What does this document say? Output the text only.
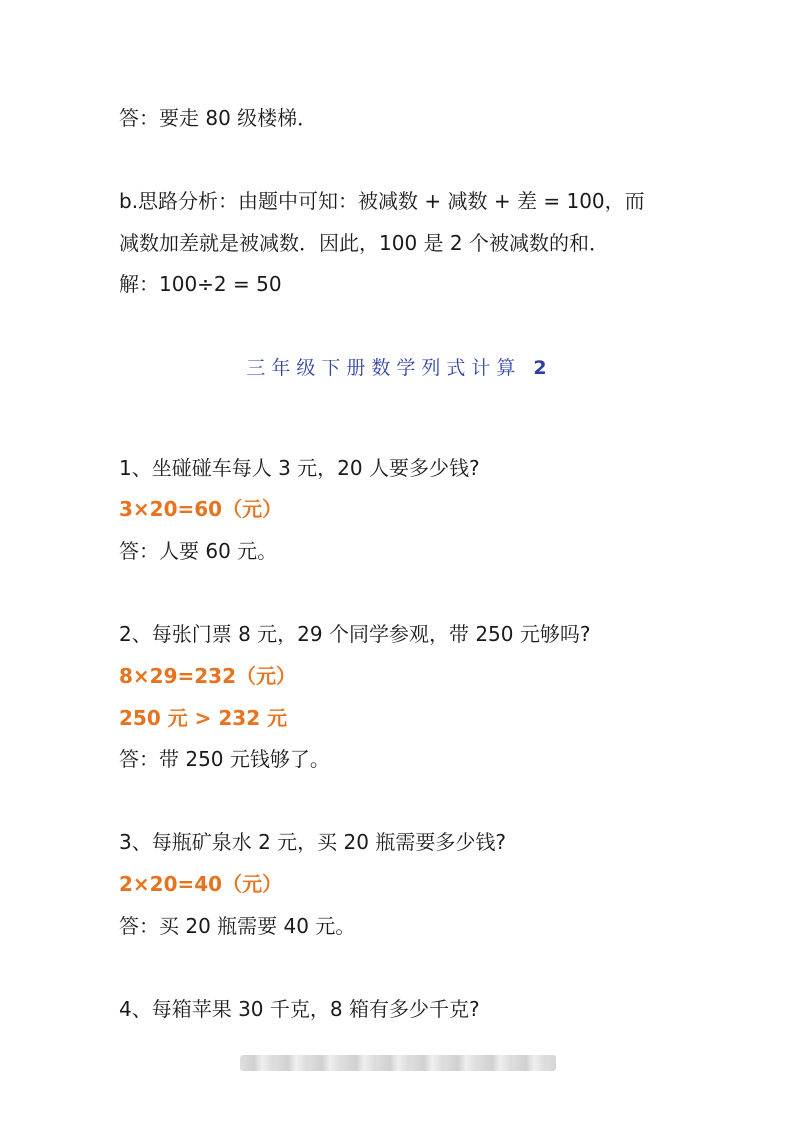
答：要走 80 级楼梯．
b.思路分析：由题中可知：被减数 + 减数 + 差 = 100，而
减数加差就是被减数．因此，100 是 2 个被减数的和．
解：100÷2 = 50
三年级下册数学列式计算 2
1、坐碰碰车每人 3 元，20 人要多少钱?
3×20=60（元）
答：人要 60 元。
2、每张门票 8 元，29 个同学参观，带 250 元够吗?
8×29=232（元）
250 元 > 232 元
答：带 250 元钱够了。
3、每瓶矿泉水 2 元，买 20 瓶需要多少钱?
2×20=40（元）
答：买 20 瓶需要 40 元。
4、每箱苹果 30 千克，8 箱有多少千克?
